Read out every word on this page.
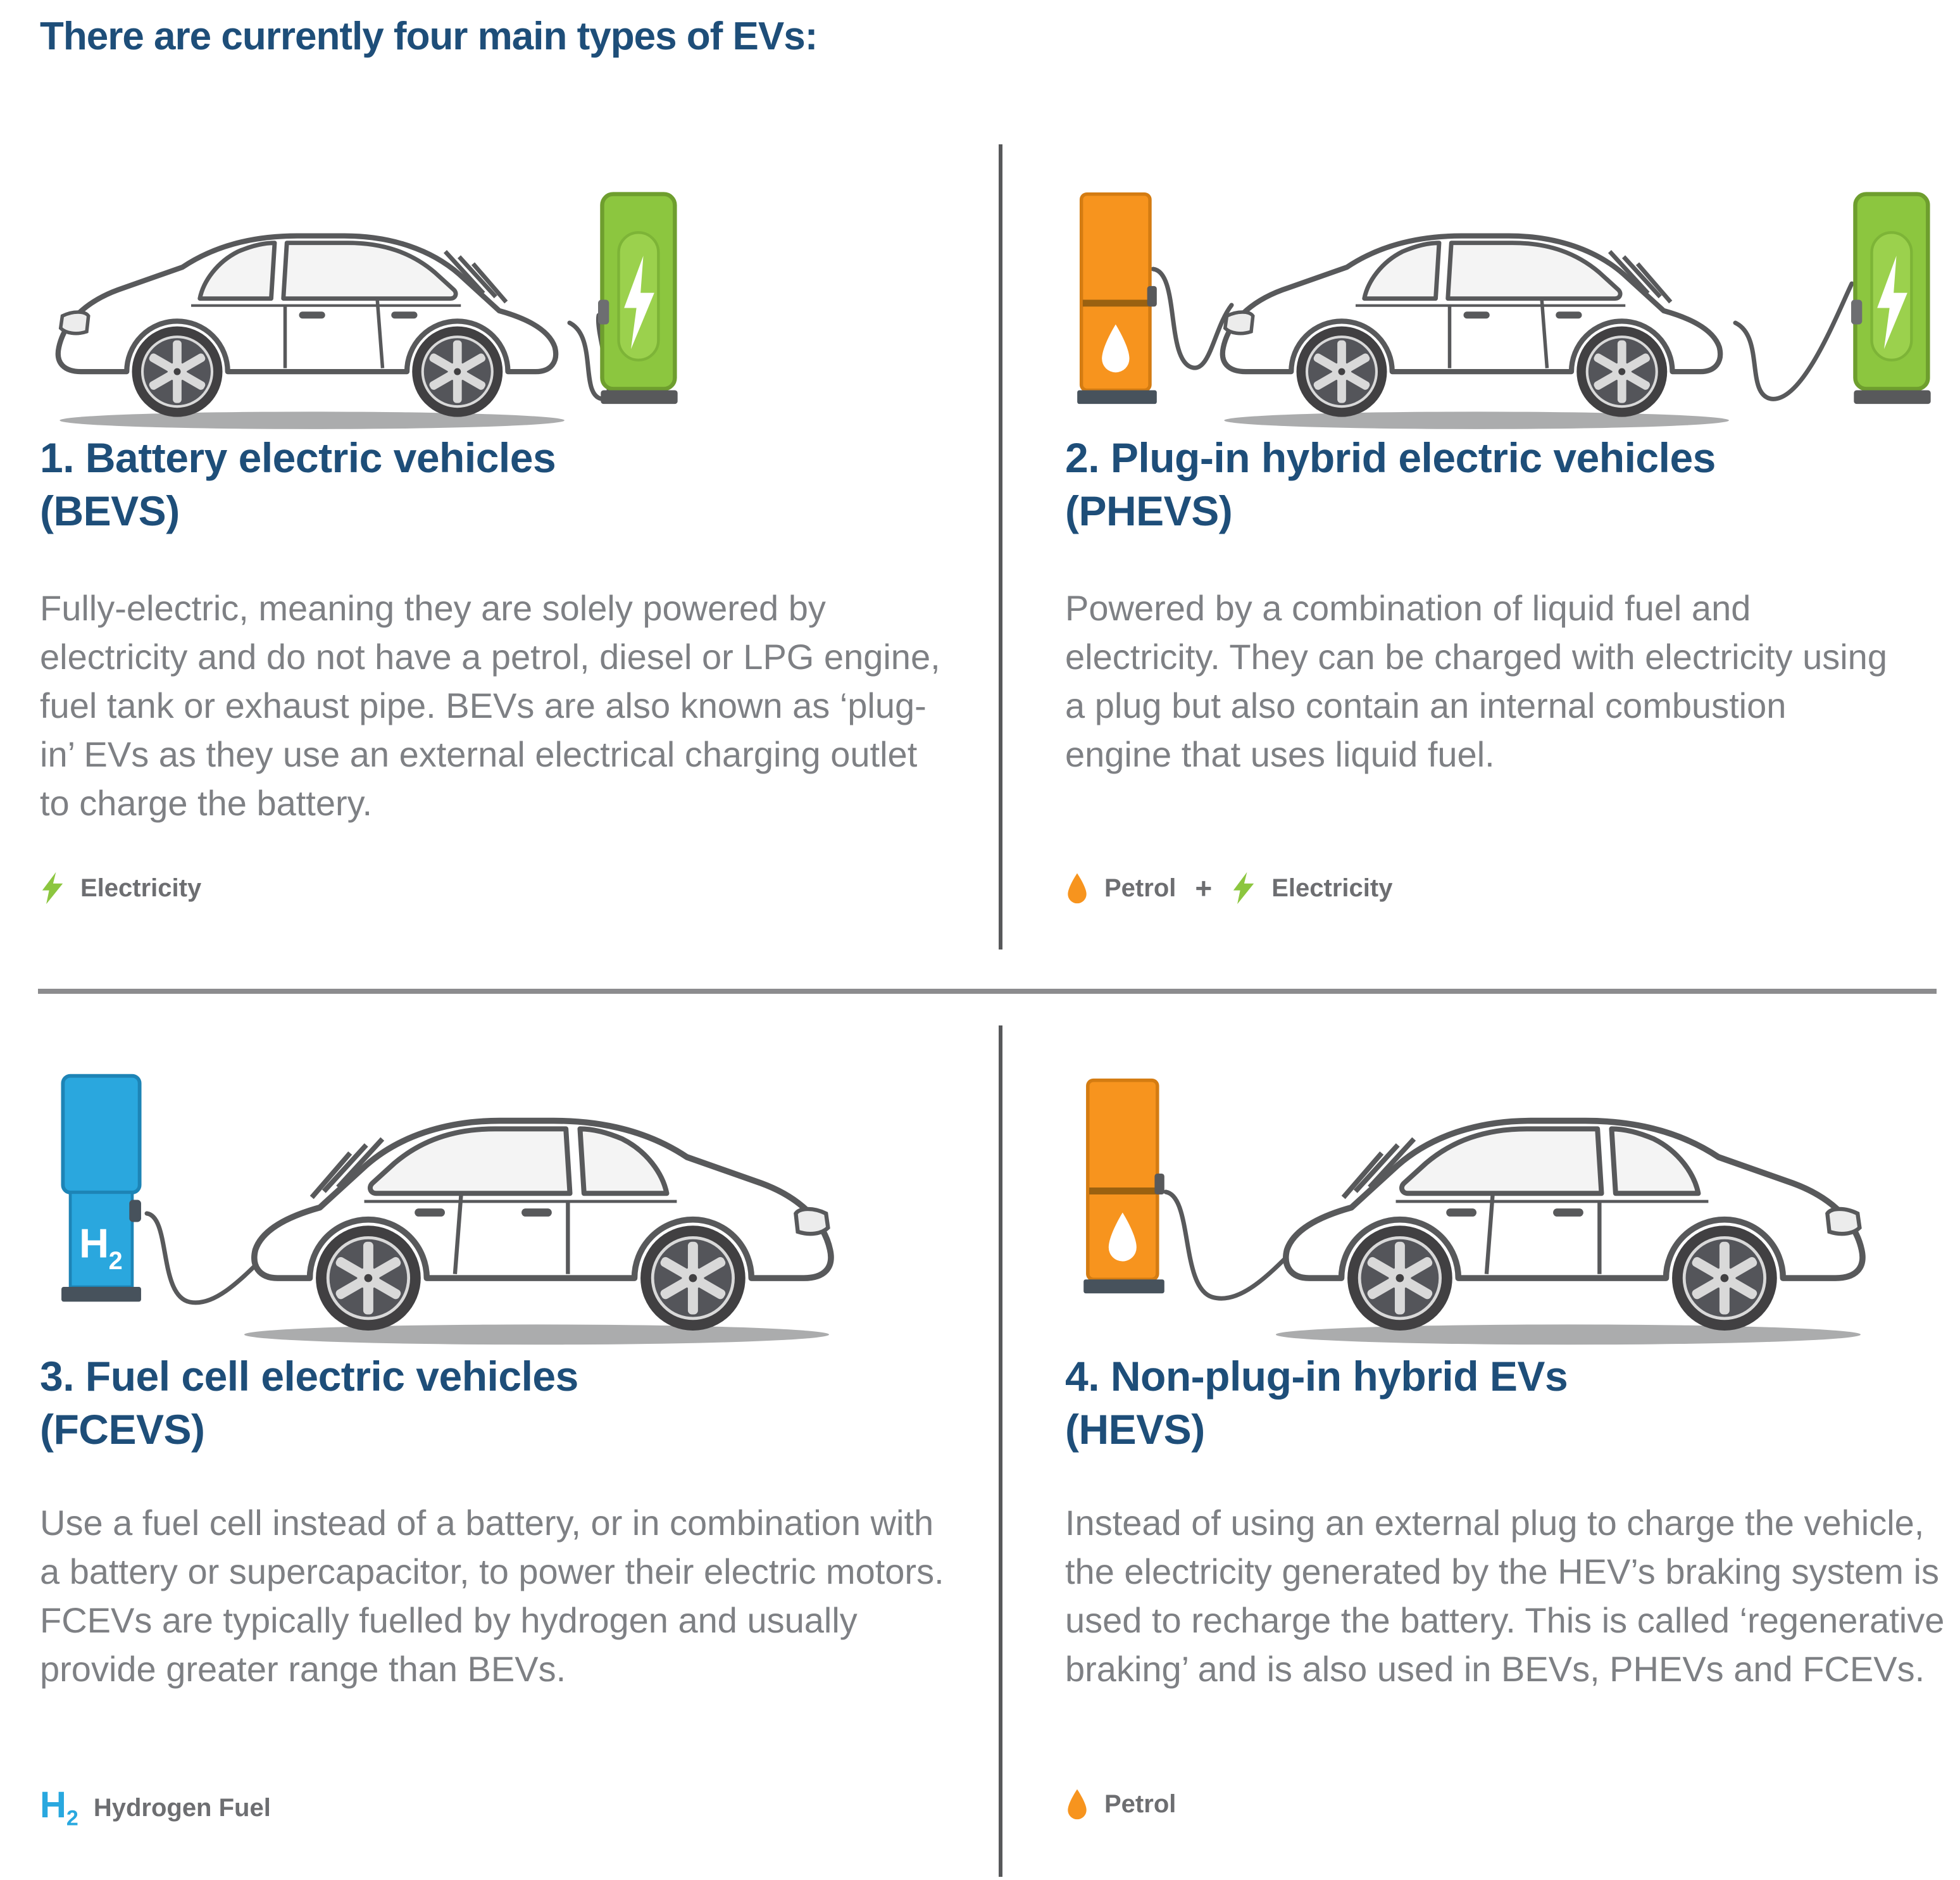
There are currently four main types of EVs:
1. Battery electric vehicles
(BEVS)

Fully-electric, meaning they are solely powered by electricity and do not have a petrol, diesel or LPG engine, fuel tank or exhaust pipe. BEVs are also known as ‘plug-in’ EVs as they use an external electrical charging outlet to charge the battery.

Electricity
2. Plug-in hybrid electric vehicles
(PHEVS)

Powered by a combination of liquid fuel and electricity. They can be charged with electricity using a plug but also contain an internal combustion engine that uses liquid fuel.

Petrol + Electricity
3. Fuel cell electric vehicles
(FCEVS)

Use a fuel cell instead of a battery, or in combination with a battery or supercapacitor, to power their electric motors. FCEVs are typically fuelled by hydrogen and usually provide greater range than BEVs.

$H_2$ Hydrogen Fuel
4. Non-plug-in hybrid EVs
(HEVS)

Instead of using an external plug to charge the vehicle, the electricity generated by the HEV’s braking system is used to recharge the battery. This is called ‘regenerative braking’ and is also used in BEVs, PHEVs and FCEVs.

Petrol
